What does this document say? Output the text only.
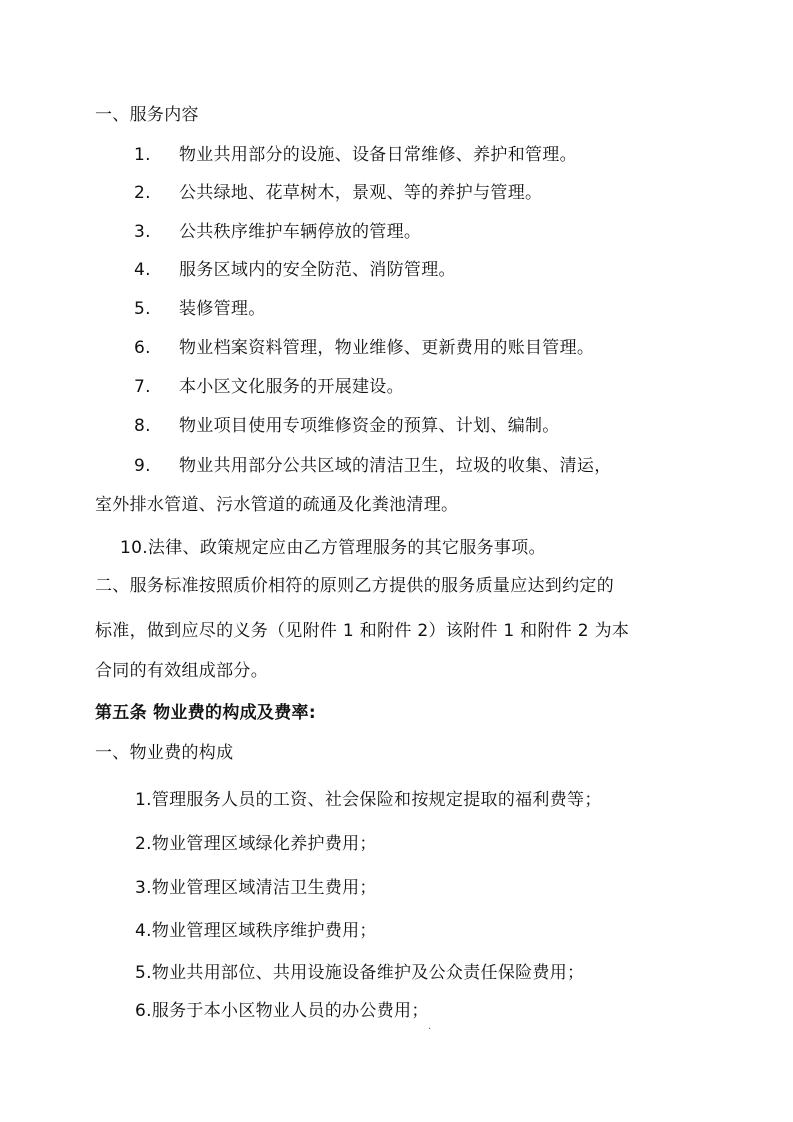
一、服务内容
1. 物业共用部分的设施、设备日常维修、养护和管理。
2. 公共绿地、花草树木，景观、等的养护与管理。
3. 公共秩序维护车辆停放的管理。
4. 服务区域内的安全防范、消防管理。
5. 装修管理。
6. 物业档案资料管理，物业维修、更新费用的账目管理。
7. 本小区文化服务的开展建设。
8. 物业项目使用专项维修资金的预算、计划、编制。
9. 物业共用部分公共区域的清洁卫生，垃圾的收集、清运，
室外排水管道、污水管道的疏通及化粪池清理。
10.法律、政策规定应由乙方管理服务的其它服务事项。
二、服务标准按照质价相符的原则乙方提供的服务质量应达到约定的
标准，做到应尽的义务（见附件 1 和附件 2）该附件 1 和附件 2 为本
合同的有效组成部分。
第五条 物业费的构成及费率:
一、物业费的构成
1.管理服务人员的工资、社会保险和按规定提取的福利费等；
2.物业管理区域绿化养护费用；
3.物业管理区域清洁卫生费用；
4.物业管理区域秩序维护费用；
5.物业共用部位、共用设施设备维护及公众责任保险费用；
6.服务于本小区物业人员的办公费用；
·
